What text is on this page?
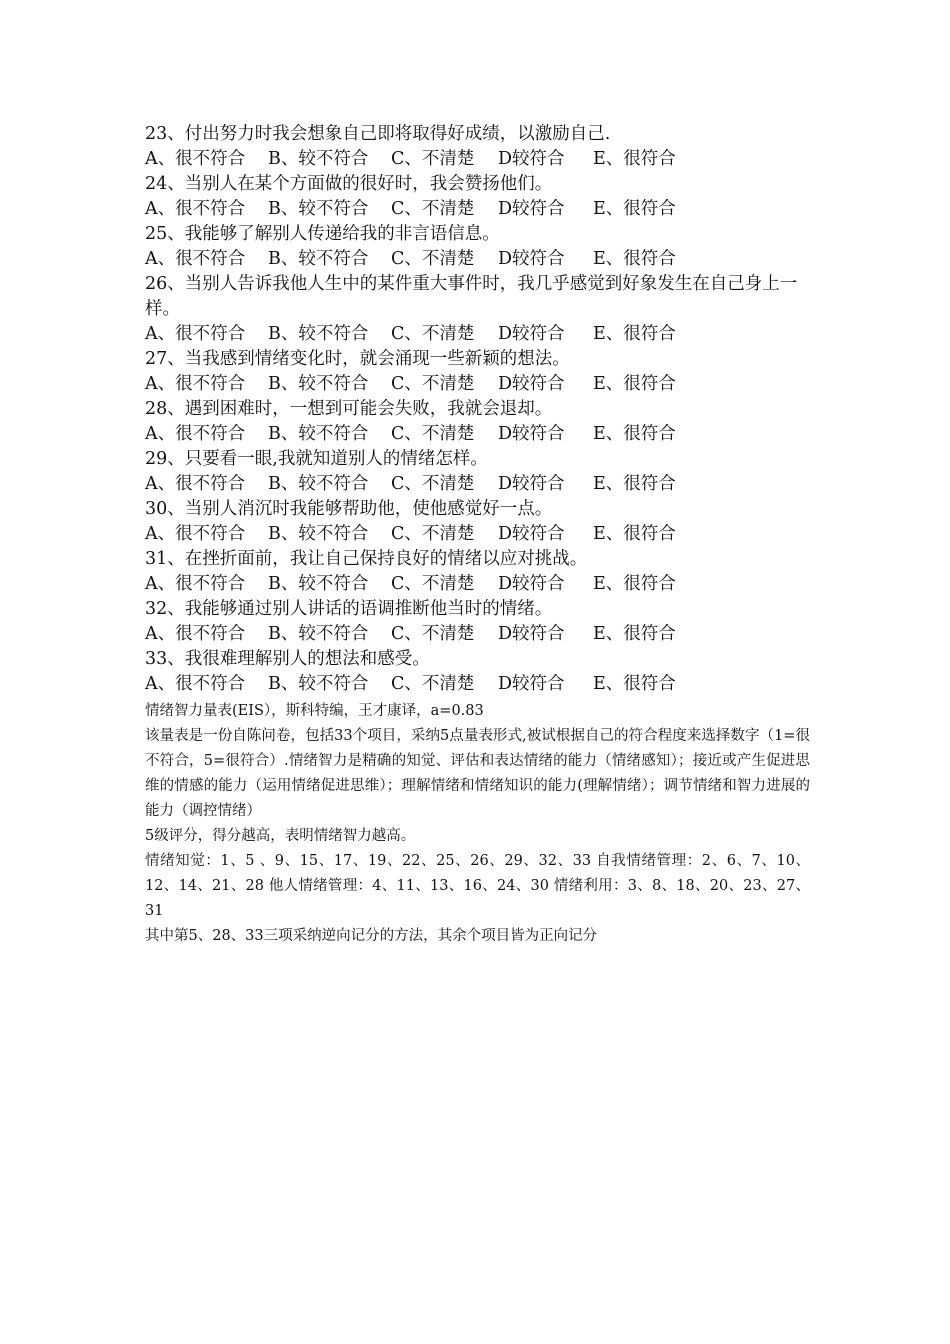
23、付出努力时我会想象自己即将取得好成绩，以激励自己.
A、很不符合 B、较不符合 C、不清楚 D较符合 E、很符合
24、当别人在某个方面做的很好时，我会赞扬他们。
A、很不符合 B、较不符合 C、不清楚 D较符合 E、很符合
25、我能够了解别人传递给我的非言语信息。
A、很不符合 B、较不符合 C、不清楚 D较符合 E、很符合
26、当别人告诉我他人生中的某件重大事件时，我几乎感觉到好象发生在自己身上一样。
A、很不符合 B、较不符合 C、不清楚 D较符合 E、很符合
27、当我感到情绪变化时，就会涌现一些新颖的想法。
A、很不符合 B、较不符合 C、不清楚 D较符合 E、很符合
28、遇到困难时，一想到可能会失败，我就会退却。
A、很不符合 B、较不符合 C、不清楚 D较符合 E、很符合
29、只要看一眼,我就知道别人的情绪怎样。
A、很不符合 B、较不符合 C、不清楚 D较符合 E、很符合
30、当别人消沉时我能够帮助他，使他感觉好一点。
A、很不符合 B、较不符合 C、不清楚 D较符合 E、很符合
31、在挫折面前，我让自己保持良好的情绪以应对挑战。
A、很不符合 B、较不符合 C、不清楚 D较符合 E、很符合
32、我能够通过别人讲话的语调推断他当时的情绪。
A、很不符合 B、较不符合 C、不清楚 D较符合 E、很符合
33、我很难理解别人的想法和感受。
A、很不符合 B、较不符合 C、不清楚 D较符合 E、很符合

情绪智力量表(EIS），斯科特编，王才康译，a=0.83

该量表是一份自陈问卷，包括33个项目，采纳5点量表形式,被试根据自己的符合程度来选择数字（1=很不符合，5=很符合）.情绪智力是精确的知觉、评估和表达情绪的能力（情绪感知）；接近或产生促进思维的情感的能力（运用情绪促进思维）；理解情绪和情绪知识的能力(理解情绪）；调节情绪和智力进展的能力（调控情绪）

5级评分，得分越高，表明情绪智力越高。

情绪知觉：1、5 、9、15、17、19、22、25、26、29、32、33 自我情绪管理：2、6、7、10、12、14、21、28 他人情绪管理：4、11、13、16、24、30 情绪利用：3、8、18、20、23、27、31

其中第5、28、33三项采纳逆向记分的方法，其余个项目皆为正向记分
